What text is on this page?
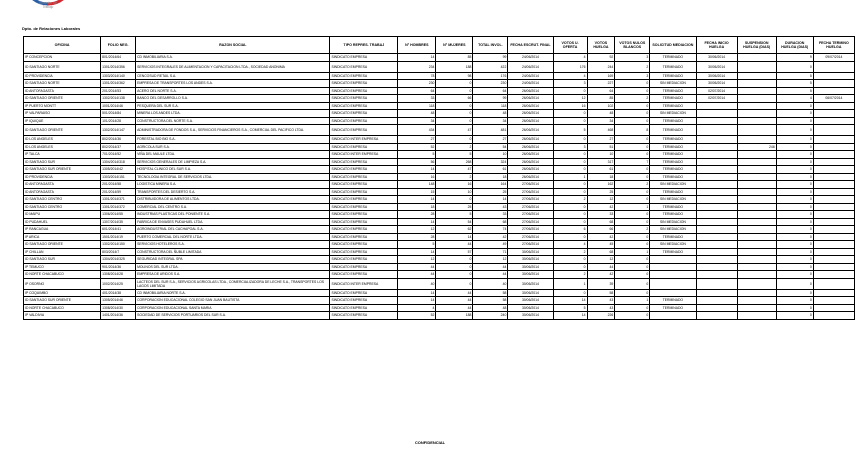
Dirección del
Trabajo
Dpto. de Relaciones Laborales
OFICINA	FOLIO NEG.	RAZON SOCIAL	TIPO REPRES. TRABAJ	N° HOMBRES	N° MUJERES	TOTAL INVOL.	FECHA ESCRUT. FINAL	VOTOS U. OFERTA	VOTOS HUELGA	VOTOS NULOS BLANCOS	SOLICITUD MEDIACION	FECHA INICIO HUELGA	SUSPENSION HUELGA (DIAS)	DURACION HUELGA (DIAS)	FECHA TERMINO HUELGA
IP CONCEPCION	801/2014/64	CD INMOBILIARIA S.A.	SINDICATO EMPRESA	14	85	99	24/06/2014	4	92	3	TERMINADO	30/06/2014		9	09/07/2014
ID SANTIAGO NORTE	1301/2014/356	SERVICIOS INTEGRALES DE ALIMENTACION Y CAPACITACION LTDA., SOCIEDAD ANONIMA	SINDICATO EMPRESA	234	188	422	24/06/2014	176	244	2	TERMINADO	30/06/2014		0	
ID PROVIDENCIA	1303/2014/140	CENCOSUD RETAIL S.A.	SINDICATO EMPRESA	78	98	176	24/06/2014	4	169	3	TERMINADO	30/06/2014		5	
ID SANTIAGO NORTE	1301/2014/362	EMPRESA DE TRANSPORTES LOS ANDES S.A.	SINDICATO EMPRESA	230	0	230	24/06/2014	3	227	0	SIN MEDIACION	30/06/2014		5	
ID ANTOFAGASTA	201/2014/53	ACERO DEL NORTE S.A.	SINDICATO EMPRESA	64	0	64	26/06/2014	0	64	0	TERMINADO	02/07/2014		5	
ID SANTIAGO ORIENTE	1302/2014/138	BANCO DEL DESARROLLO S.A.	SINDICATO EMPRESA	33	66	99	26/06/2014	12	85	2	TERMINADO	02/07/2014		4	06/07/2014
IP PUERTO MONTT	1001/2014/46	PESQUERA DEL SUR S.A.	SINDICATO EMPRESA	118	0	118	26/06/2014	16	102	0	TERMINADO			0	
IP VALPARAISO	501/2014/84	MINERA LOS ANDES LTDA.	SINDICATO EMPRESA	48	0	48	26/06/2014	0	48	0	SIN MEDIACION			0	
IP IQUIQUE	101/2014/28	CONSTRUCTORA DEL NORTE S.A.	SINDICATO EMPRESA	34	0	34	26/06/2014	0	34	0	TERMINADO			0	
ID SANTIAGO ORIENTE	1302/2014/147	ADMINISTRADORA DE FONDOS S.A., SERVICIOS FINANCIEROS S.A., COMERCIAL DEL PACIFICO LTDA.	SINDICATO EMPRESA	434	47	481	26/06/2014	5	468	8	TERMINADO			0	
ID LOS ANGELES	802/2014/36	FORESTAL BIO BIO S.A.	SINDICATO INTER EMPRESA	27	0	27	26/06/2014	0	27	0	TERMINADO			0	
ID LOS ANGELES	802/2014/37	AGRICOLA SUR S.A.	SINDICATO EMPRESA	52	2	54	26/06/2014	3	51	0	TERMINADO		246	0	
IP TALCA	701/2014/52	VIÑA DEL MAULE LTDA.	SINDICATO INTER EMPRESA	5	5	10	26/06/2014	0	10	0	TERMINADO			0	
ID SANTIAGO SUR	1304/2014/318	SERVICIOS GENERALES DE LIMPIEZA S.A.	SINDICATO EMPRESA	56	268	324	26/06/2014	0	317	7	TERMINADO			0	
ID SANTIAGO SUR ORIENTE	1305/2014/42	HOSPITAL CLINICO DEL SUR S.A.	SINDICATO EMPRESA	14	47	61	26/06/2014	0	61	0	TERMINADO			0	
ID PROVIDENCIA	1303/2014/151	TECNOLOGIA INTEGRAL DE SERVICIOS LTDA.	SINDICATO EMPRESA	16	2	18	26/06/2014	1	18	0	TERMINADO			0	
ID ANTOFAGASTA	201/2014/58	LOGISTICA MINERA S.A.	SINDICATO EMPRESA	148	16	164	27/06/2014	0	162	2	SIN MEDIACION			0	
ID ANTOFAGASTA	201/2014/59	TRANSPORTES DEL DESIERTO S.A.	SINDICATO EMPRESA	15	10	25	27/06/2014	0	25	0	TERMINADO			0	
ID SANTIAGO CENTRO	1301/2014/371	DISTRIBUIDORA DE ALIMENTOS LTDA.	SINDICATO EMPRESA	14	0	14	27/06/2014	2	12	0	SIN MEDIACION			0	
ID SANTIAGO CENTRO	1301/2014/372	COMERCIAL DEL CENTRO S.A.	SINDICATO EMPRESA	18	25	43	27/06/2014	0	42	1	TERMINADO			0	
ID MAIPU	1306/2014/55	INDUSTRIAS PLASTICAS DEL PONIENTE S.A.	SINDICATO EMPRESA	28	5	33	27/06/2014	0	33	0	TERMINADO			0	
ID PUDAHUEL	1307/2014/35	FABRICA DE ENVASES PUDAHUEL LTDA.	SINDICATO EMPRESA	14	54	68	27/06/2014	0	68	0	SIN MEDIACION			0	
IP RANCAGUA	601/2014/41	AGROINDUSTRIAL DEL CACHAPOAL S.A.	SINDICATO EMPRESA	12	62	74	27/06/2014	6	66	2	SIN MEDIACION			0	
IP ARICA	1501/2014/19	PUERTO COMERCIAL DEL NORTE LTDA.	SINDICATO EMPRESA	28	14	42	27/06/2014	0	42	0	TERMINADO			0	
ID SANTIAGO ORIENTE	1302/2014/150	SERVICIOS HOTELEROS S.A.	SINDICATO EMPRESA	5	44	49	27/06/2014	4	45	0	SIN MEDIACION			0	
IP CHILLAN	803/2014/7	CONSTRUCTORA DEL ÑUBLE LIMITADA	SINDICATO EMPRESA	14	57	71	30/06/2014	2	68	1	TERMINADO			0	
ID SANTIAGO SUR	1304/2014/325	SEGURIDAD INTEGRAL SPA	SINDICATO EMPRESA	12	0	12	30/06/2014	0	12	0				0	
IP TEMUCO	901/2014/36	MOLINOS DEL SUR LTDA.	SINDICATO EMPRESA	44	0	44	30/06/2014	0	44	0				0	
ID NORTE CHACABUCO	1308/2014/28	EMPRESA DE ARIDOS S.A.	SINDICATO EMPRESA	44	0	44	30/06/2014	2	42	0				0	
IP OSORNO	1002/2014/25	LACTEOS DEL SUR S.A., SERVICIOS AGRICOLAS LTDA., COMERCIALIZADORA DE LECHE S.A., TRANSPORTES LOS LAGOS LIMITADA	SINDICATO INTER EMPRESA	40	0	40	30/06/2014	1	39	0				0	
IP COQUIMBO	401/2014/38	CD INMOBILIARIA NORTE S.A.	SINDICATO EMPRESA	14	44	58	30/06/2014	0	58	0				0	
ID SANTIAGO SUR ORIENTE	1305/2014/46	CORPORACION EDUCACIONAL COLEGIO SAN JUAN BAUTISTA	SINDICATO EMPRESA	14	44	58	30/06/2014	14	43	1	TERMINADO			0	
ID NORTE CHACABUCO	1308/2014/30	CORPORACION EDUCACIONAL SANTA MARIA	SINDICATO EMPRESA	4	44	48	30/06/2014	5	43	0	TERMINADO			0	
IP VALDIVIA	1401/2014/36	SOCIEDAD DE SERVICIOS PORTUARIOS DEL SUR S.A.	SINDICATO EMPRESA	52	188	240	30/06/2014	14	226	0				0	
CONFIDENCIAL
